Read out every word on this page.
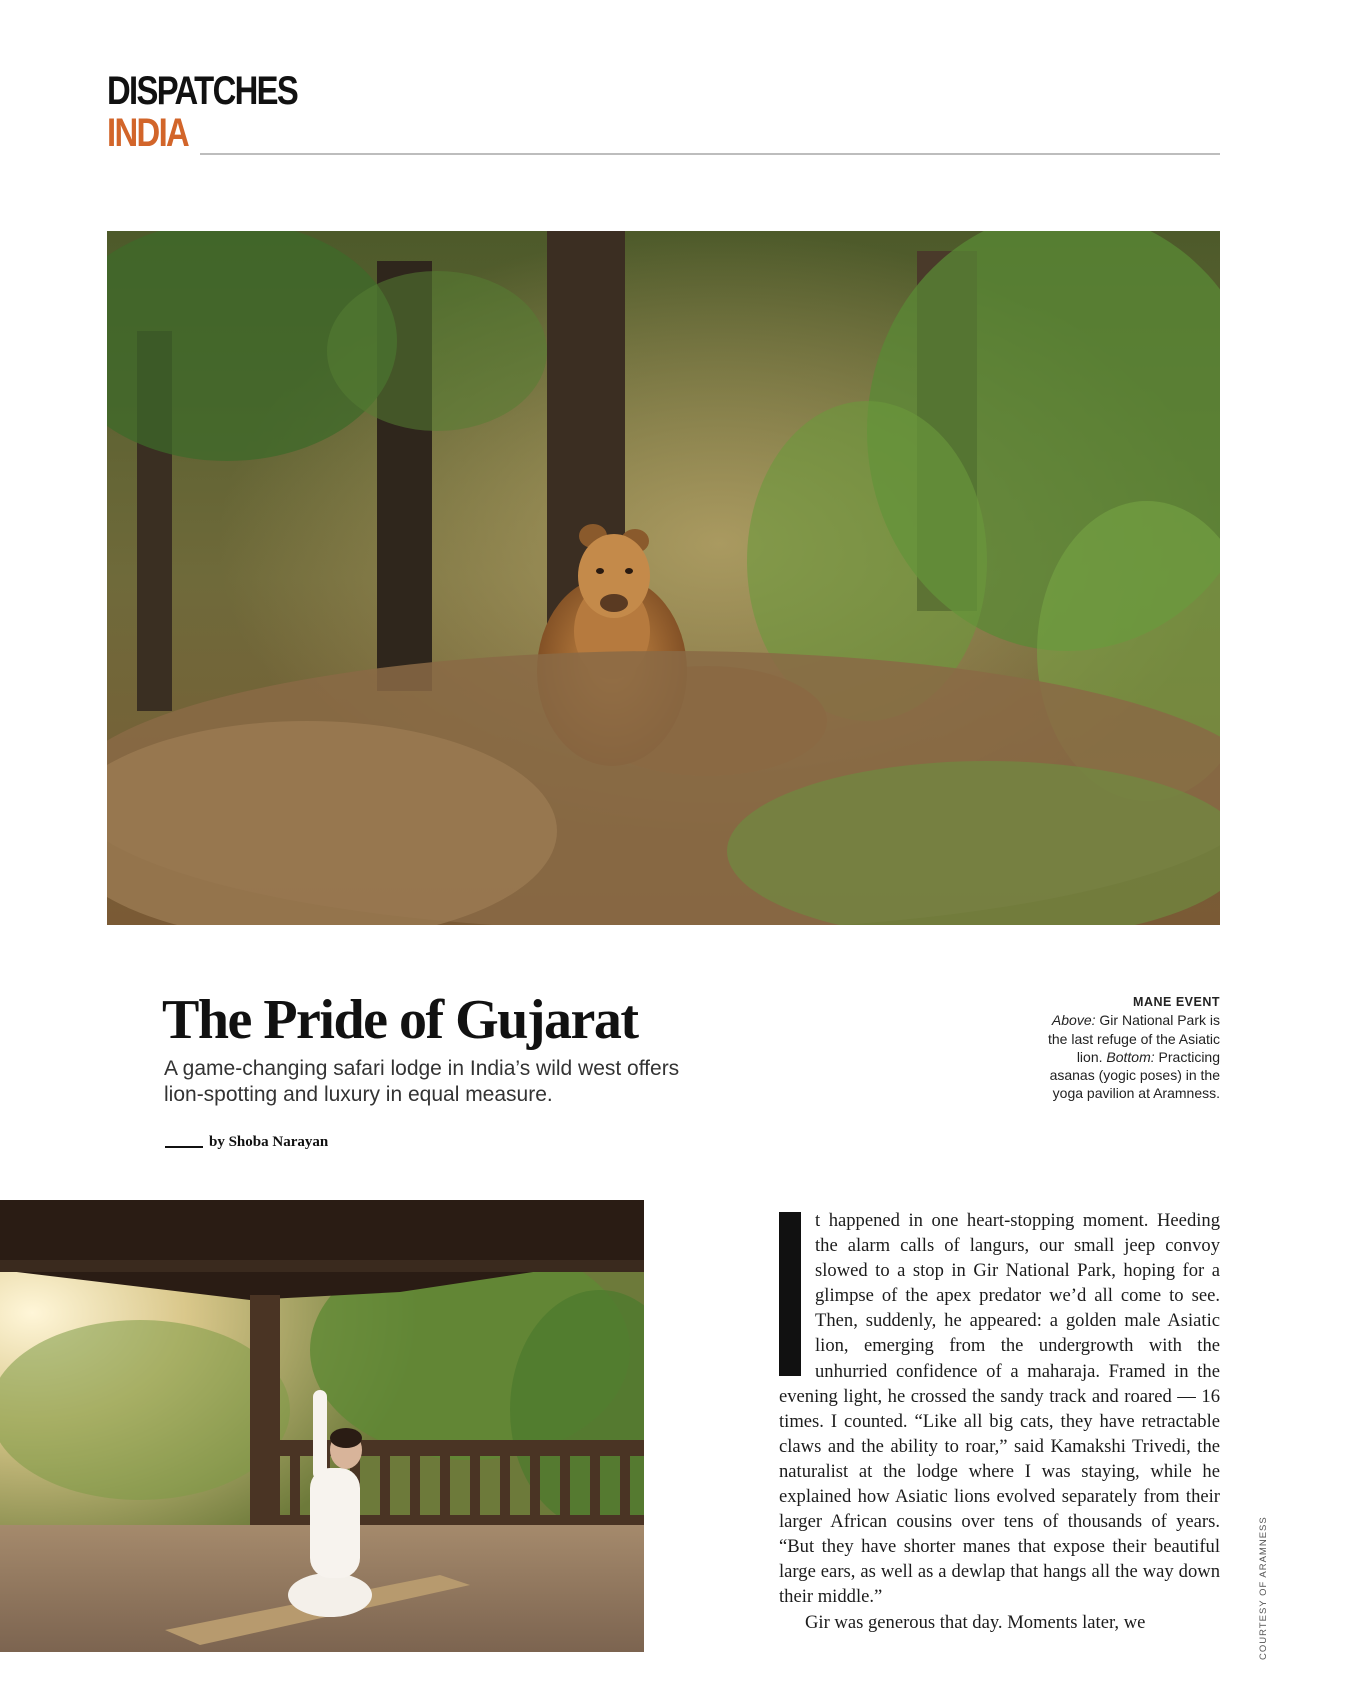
DISPATCHES
INDIA
The Pride of Gujarat
A game-changing safari lodge in India’s wild west offers lion-spotting and luxury in equal measure.
by Shoba Narayan
MANE EVENT
Above: Gir National Park is the last refuge of the Asiatic lion. Bottom: Practicing asanas (yogic poses) in the yoga pavilion at Aramness.

t happened in one heart-stopping moment. Heeding the alarm calls of langurs, our small jeep convoy slowed to a stop in Gir National Park, hoping for a glimpse of the apex predator we’d all come to see. Then, suddenly, he appeared: a golden male Asiatic lion, emerging from the undergrowth with the unhurried confidence of a maharaja. Framed in the evening light, he crossed the sandy track and roared — 16 times. I counted. “Like all big cats, they have retractable claws and the ability to roar,” said Kamakshi Trivedi, the naturalist at the lodge where I was staying, while he explained how Asiatic lions evolved separately from their larger African cousins over tens of thousands of years. “But they have shorter manes that expose their beautiful large ears, as well as a dewlap that hangs all the way down their middle.”

Gir was generous that day. Moments later, we	COURTESY OF ARAMNESS
